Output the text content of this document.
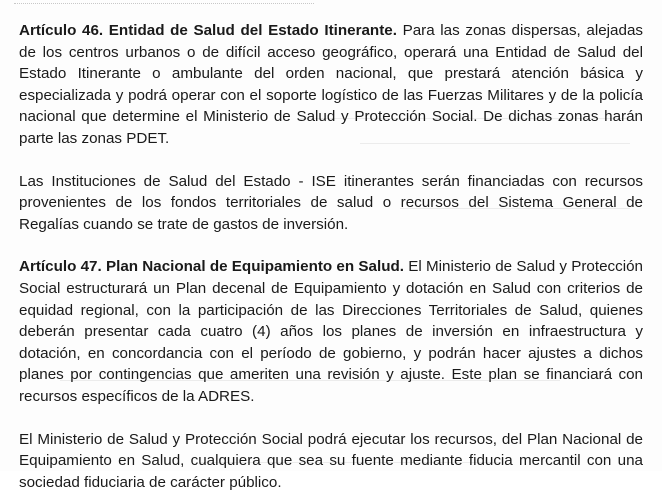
Artículo 46. Entidad de Salud del Estado Itinerante. Para las zonas dispersas, alejadas de los centros urbanos o de difícil acceso geográfico, operará una Entidad de Salud del Estado Itinerante o ambulante del orden nacional, que prestará atención básica y especializada y podrá operar con el soporte logístico de las Fuerzas Militares y de la policía nacional que determine el Ministerio de Salud y Protección Social. De dichas zonas harán parte las zonas PDET.

Las Instituciones de Salud del Estado - ISE itinerantes serán financiadas con recursos provenientes de los fondos territoriales de salud o recursos del Sistema General de Regalías cuando se trate de gastos de inversión.

Artículo 47. Plan Nacional de Equipamiento en Salud. El Ministerio de Salud y Protección Social estructurará un Plan decenal de Equipamiento y dotación en Salud con criterios de equidad regional, con la participación de las Direcciones Territoriales de Salud, quienes deberán presentar cada cuatro (4) años los planes de inversión en infraestructura y dotación, en concordancia con el período de gobierno, y podrán hacer ajustes a dichos planes por contingencias que ameriten una revisión y ajuste. Este plan se financiará con recursos específicos de la ADRES.

El Ministerio de Salud y Protección Social podrá ejecutar los recursos, del Plan Nacional de Equipamiento en Salud, cualquiera que sea su fuente mediante fiducia mercantil con una sociedad fiduciaria de carácter público.
